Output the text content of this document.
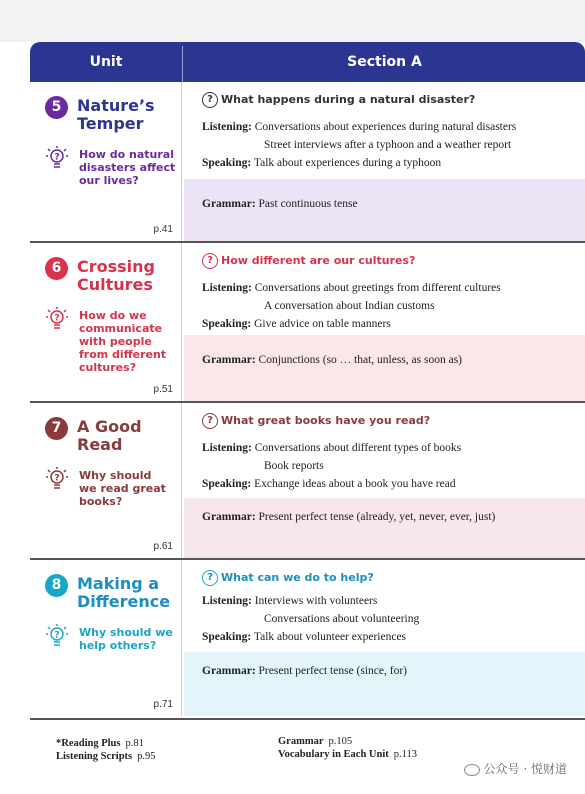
Unit	Section A
5 Nature’s
Temper
? How do natural
disasters affect
our lives?
p.41
? What happens during a natural disaster?
Listening: Conversations about experiences during natural disasters
Street interviews after a typhoon and a weather report
Speaking: Talk about experiences during a typhoon
Grammar: Past continuous tense
6 Crossing
Cultures
? How do we
communicate
with people
from different
cultures?
p.51
? How different are our cultures?
Listening: Conversations about greetings from different cultures
A conversation about Indian customs
Speaking: Give advice on table manners
Grammar: Conjunctions (so … that, unless, as soon as)
7 A Good
Read
? Why should
we read great
books?
p.61
? What great books have you read?
Listening: Conversations about different types of books
Book reports
Speaking: Exchange ideas about a book you have read
Grammar: Present perfect tense (already, yet, never, ever, just)
8 Making a
Difference
? Why should we
help others?
p.71
? What can we do to help?
Listening: Interviews with volunteers
Conversations about volunteering
Speaking: Talk about volunteer experiences
Grammar: Present perfect tense (since, for)
*Reading Plus p.81
Listening Scripts p.95
Grammar p.105
Vocabulary in Each Unit p.113
公众号 · 悦财道
